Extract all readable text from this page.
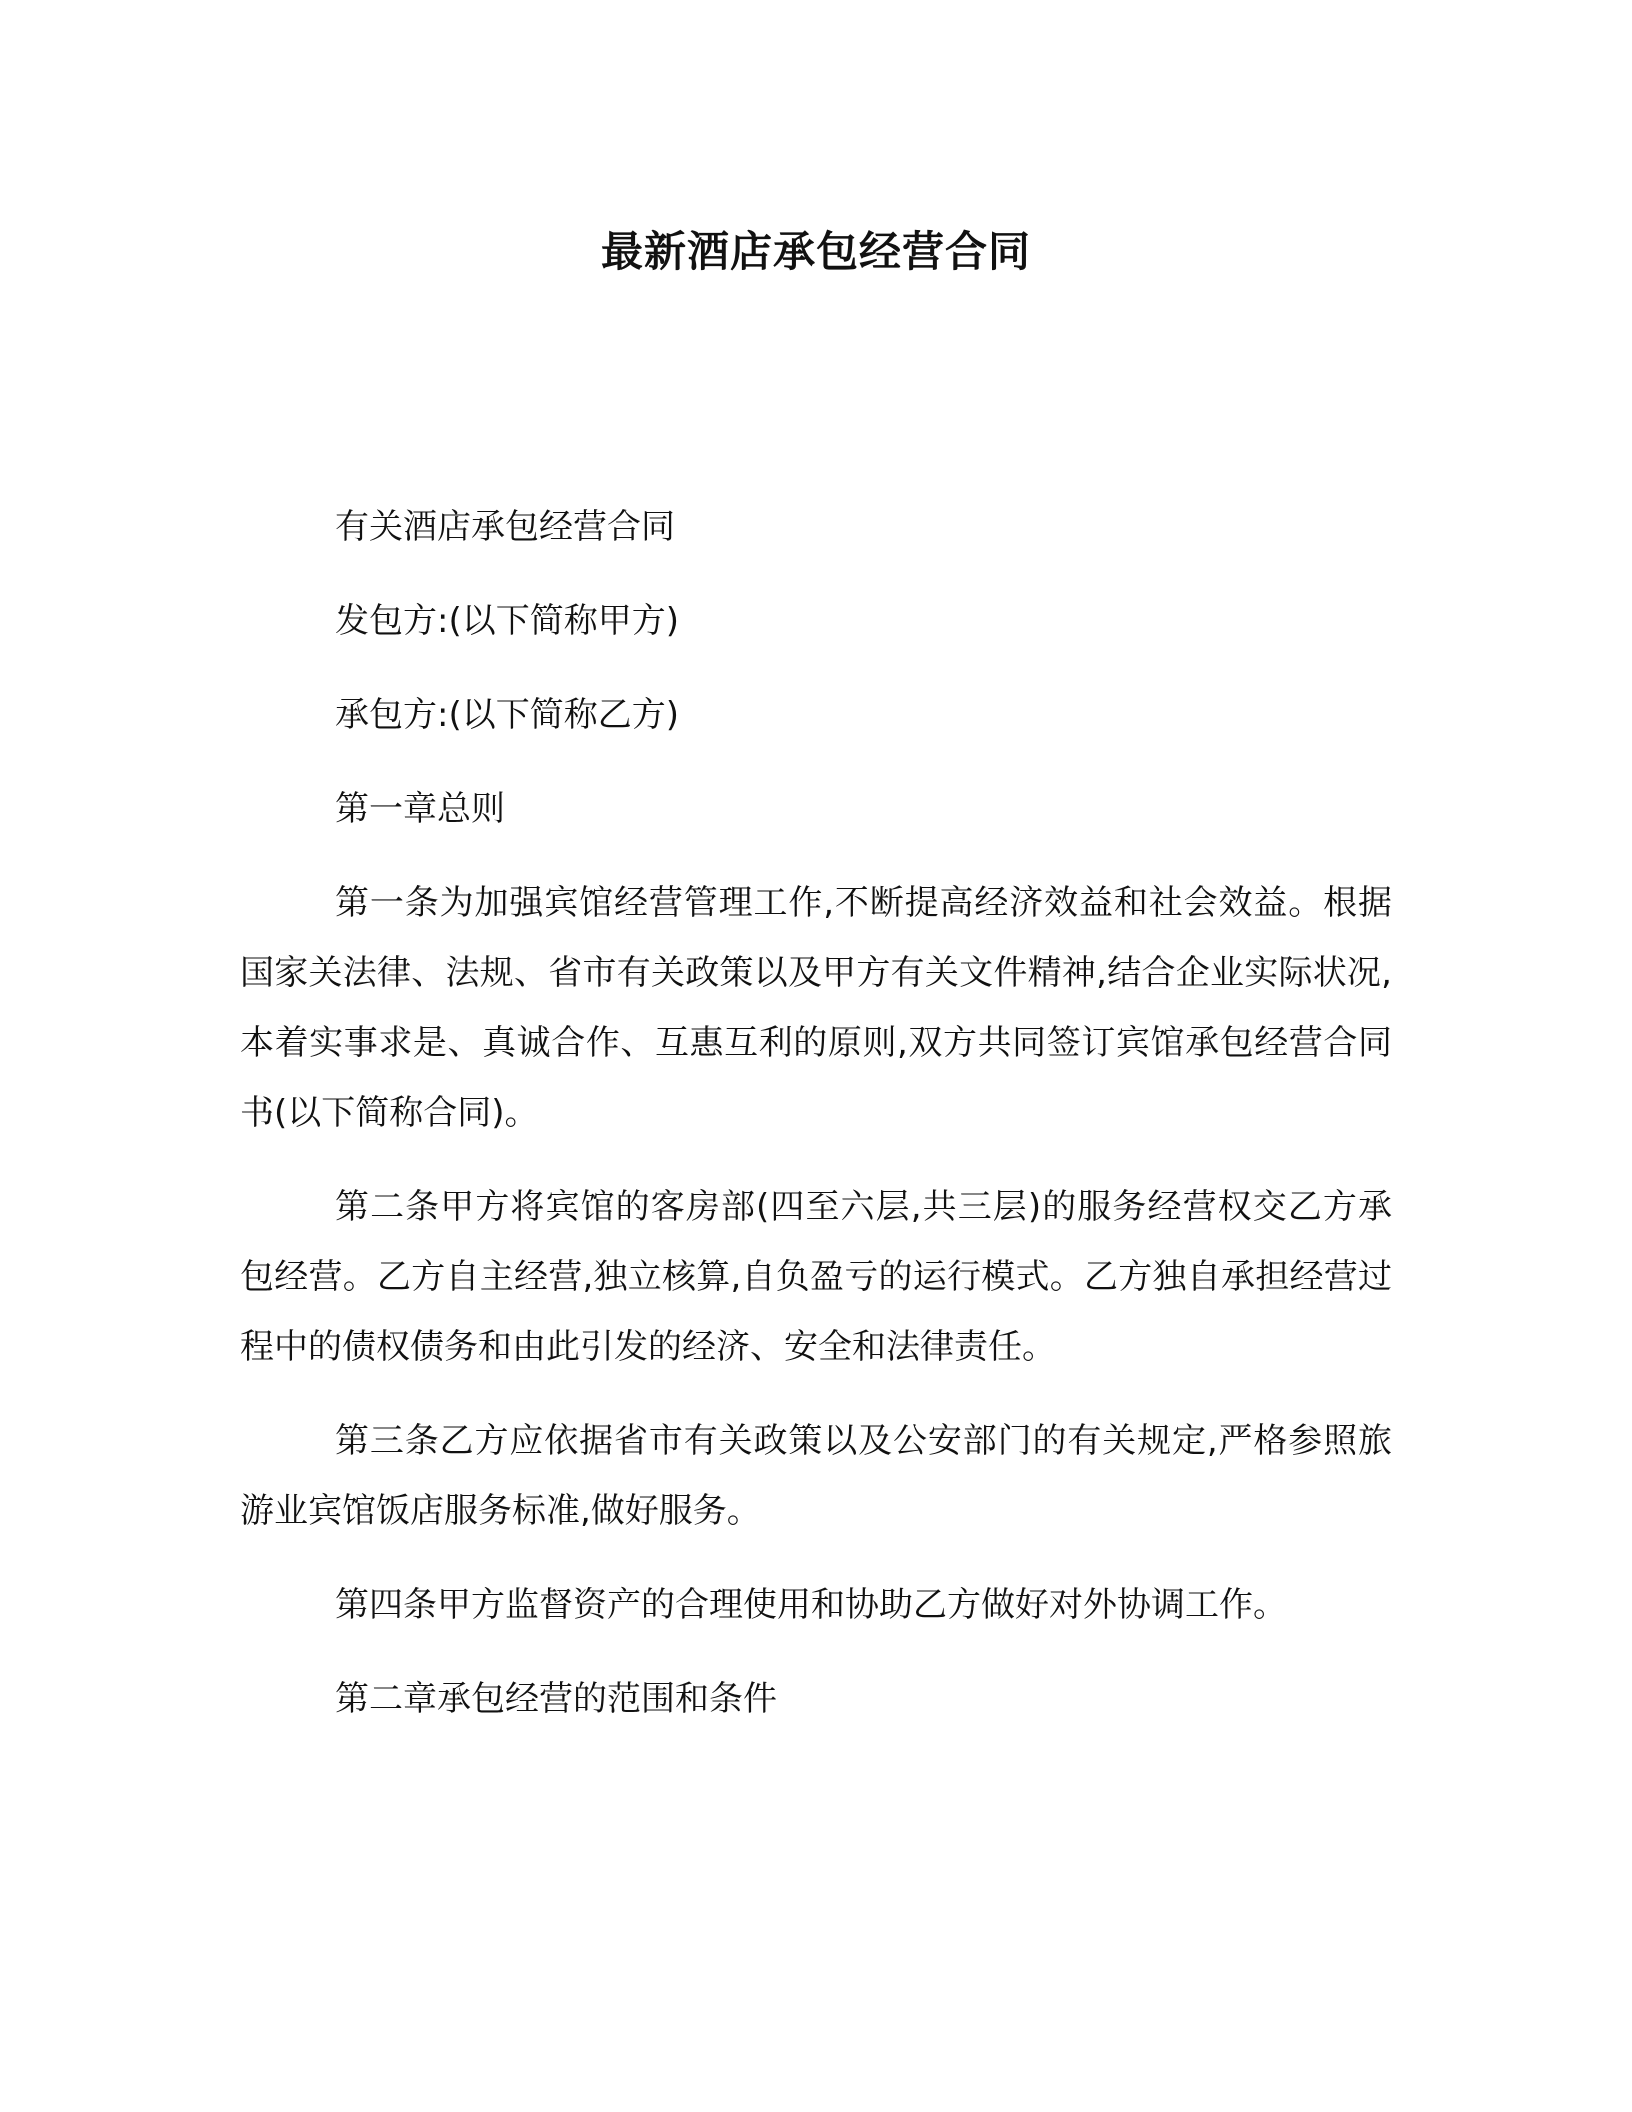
最新酒店承包经营合同

有关酒店承包经营合同

发包方:(以下简称甲方)

承包方:(以下简称乙方)

第一章总则

第一条为加强宾馆经营管理工作,不断提高经济效益和社会效益。根据国家关法律、法规、省市有关政策以及甲方有关文件精神,结合企业实际状况,本着实事求是、真诚合作、互惠互利的原则,双方共同签订宾馆承包经营合同书(以下简称合同)。

第二条甲方将宾馆的客房部(四至六层,共三层)的服务经营权交乙方承包经营。乙方自主经营,独立核算,自负盈亏的运行模式。乙方独自承担经营过程中的债权债务和由此引发的经济、安全和法律责任。

第三条乙方应依据省市有关政策以及公安部门的有关规定,严格参照旅游业宾馆饭店服务标准,做好服务。

第四条甲方监督资产的合理使用和协助乙方做好对外协调工作。

第二章承包经营的范围和条件
